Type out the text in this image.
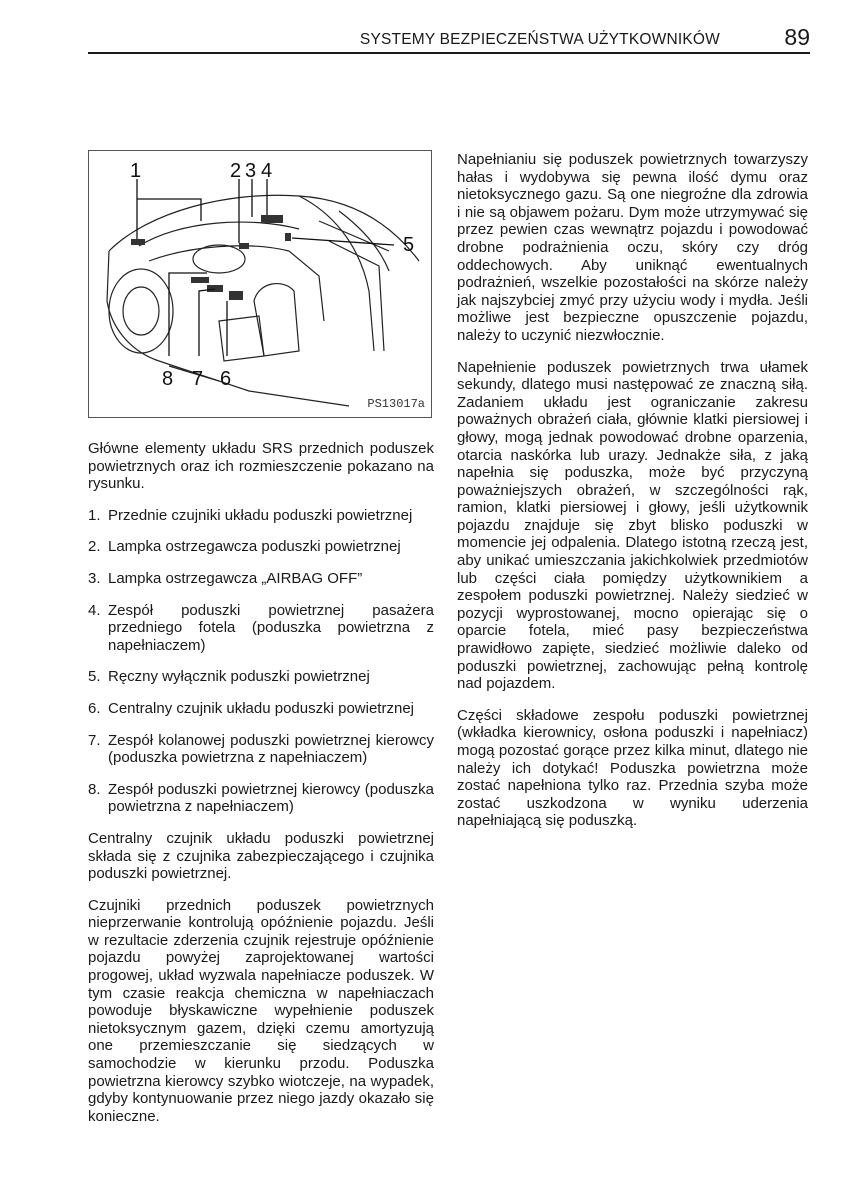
SYSTEMY BEZPIECZEŃSTWA UŻYTKOWNIKÓW	89
1	2 3 4
5
8 7 6
PS13017a

Główne elementy układu SRS przednich poduszek powietrznych oraz ich rozmieszczenie pokazano na rysunku.

1. Przednie czujniki układu poduszki powietrznej
2. Lampka ostrzegawcza poduszki powietrznej
3. Lampka ostrzegawcza „AIRBAG OFF”
4. Zespół poduszki powietrznej pasażera przedniego fotela (poduszka powietrzna z napełniaczem)
5. Ręczny wyłącznik poduszki powietrznej
6. Centralny czujnik układu poduszki powietrznej
7. Zespół kolanowej poduszki powietrznej kierowcy (poduszka powietrzna z napełniaczem)
8. Zespół poduszki powietrznej kierowcy (poduszka powietrzna z napełniaczem)

Centralny czujnik układu poduszki powietrznej składa się z czujnika zabezpieczającego i czujnika poduszki powietrznej.

Czujniki przednich poduszek powietrznych nieprzerwanie kontrolują opóźnienie pojazdu. Jeśli w rezultacie zderzenia czujnik rejestruje opóźnienie pojazdu powyżej zaprojektowanej wartości progowej, układ wyzwala napełniacze poduszek. W tym czasie reakcja chemiczna w napełniaczach powoduje błyskawiczne wypełnienie poduszek nietoksycznym gazem, dzięki czemu amortyzują one przemieszczanie się siedzących w samochodzie w kierunku przodu. Poduszka powietrzna kierowcy szybko wiotczeje, na wypadek, gdyby kontynuowanie przez niego jazdy okazało się konieczne.

Napełnianiu się poduszek powietrznych towarzyszy hałas i wydobywa się pewna ilość dymu oraz nietoksycznego gazu. Są one niegroźne dla zdrowia i nie są objawem pożaru. Dym może utrzymywać się przez pewien czas wewnątrz pojazdu i powodować drobne podrażnienia oczu, skóry czy dróg oddechowych. Aby uniknąć ewentualnych podrażnień, wszelkie pozostałości na skórze należy jak najszybciej zmyć przy użyciu wody i mydła. Jeśli możliwe jest bezpieczne opuszczenie pojazdu, należy to uczynić niezwłocznie.

Napełnienie poduszek powietrznych trwa ułamek sekundy, dlatego musi następować ze znaczną siłą. Zadaniem układu jest ograniczanie zakresu poważnych obrażeń ciała, głównie klatki piersiowej i głowy, mogą jednak powodować drobne oparzenia, otarcia naskórka lub urazy. Jednakże siła, z jaką napełnia się poduszka, może być przyczyną poważniejszych obrażeń, w szczególności rąk, ramion, klatki piersiowej i głowy, jeśli użytkownik pojazdu znajduje się zbyt blisko poduszki w momencie jej odpalenia. Dlatego istotną rzeczą jest, aby unikać umieszczania jakichkolwiek przedmiotów lub części ciała pomiędzy użytkownikiem a zespołem poduszki powietrznej. Należy siedzieć w pozycji wyprostowanej, mocno opierając się o oparcie fotela, mieć pasy bezpieczeństwa prawidłowo zapięte, siedzieć możliwie daleko od poduszki powietrznej, zachowując pełną kontrolę nad pojazdem.

Części składowe zespołu poduszki powietrznej (wkładka kierownicy, osłona poduszki i napełniacz) mogą pozostać gorące przez kilka minut, dlatego nie należy ich dotykać! Poduszka powietrzna może zostać napełniona tylko raz. Przednia szyba może zostać uszkodzona w wyniku uderzenia napełniającą się poduszką.
